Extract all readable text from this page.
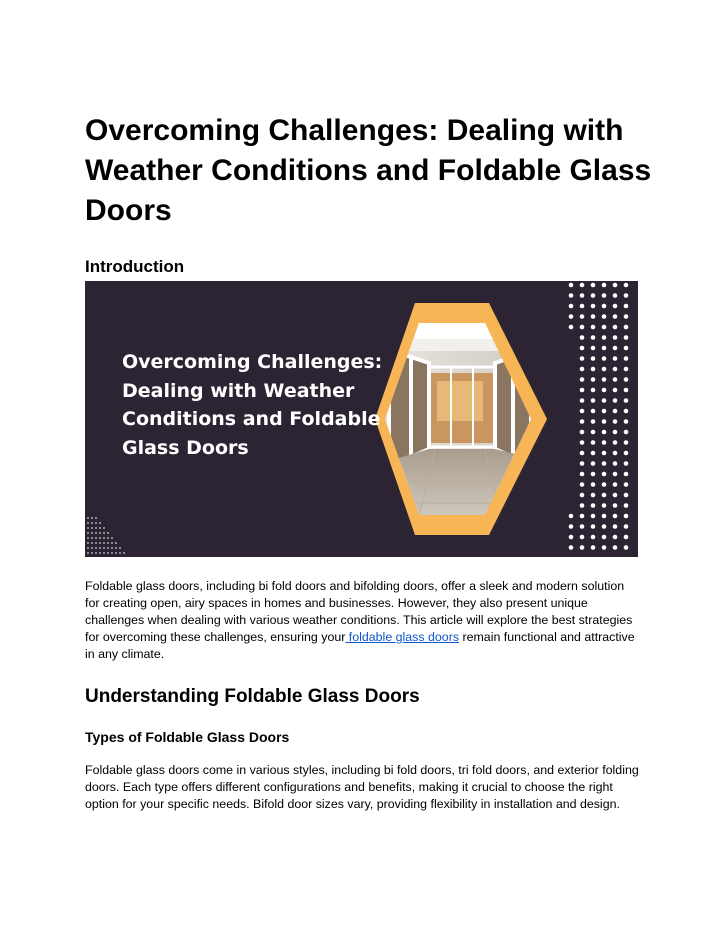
Overcoming Challenges: Dealing with Weather Conditions and Foldable Glass Doors
Introduction
Overcoming Challenges: Dealing with Weather Conditions and Foldable Glass Doors

Foldable glass doors, including bi fold doors and bifolding doors, offer a sleek and modern solution for creating open, airy spaces in homes and businesses. However, they also present unique challenges when dealing with various weather conditions. This article will explore the best strategies for overcoming these challenges, ensuring your foldable glass doors remain functional and attractive in any climate.

Understanding Foldable Glass Doors
Types of Foldable Glass Doors

Foldable glass doors come in various styles, including bi fold doors, tri fold doors, and exterior folding doors. Each type offers different configurations and benefits, making it crucial to choose the right option for your specific needs. Bifold door sizes vary, providing flexibility in installation and design.
